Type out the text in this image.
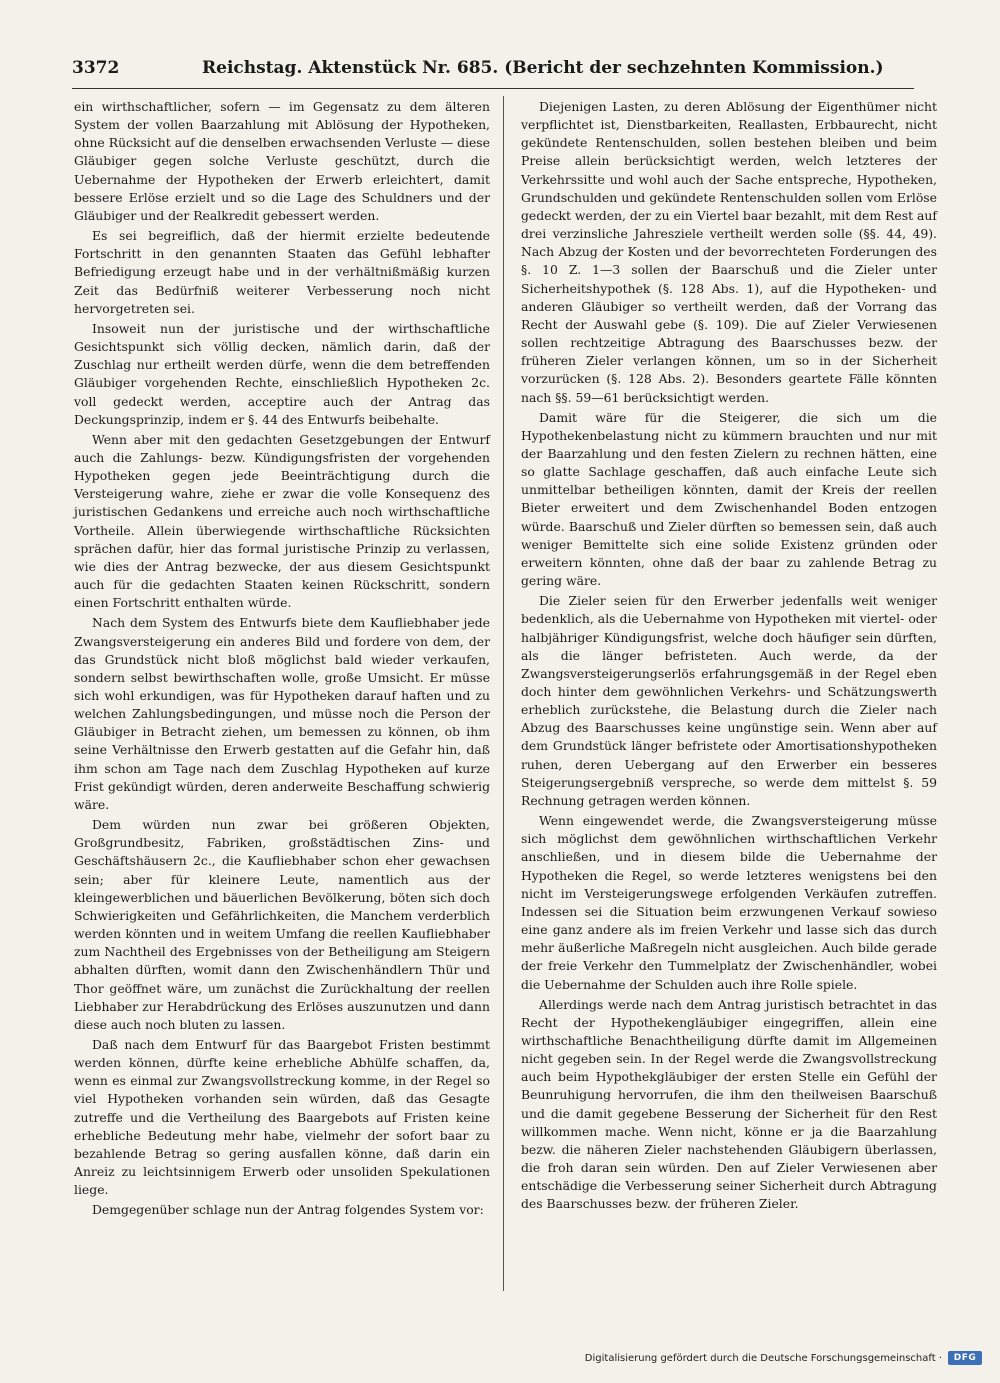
3372	Reichstag. Aktenstück Nr. 685. (Bericht der sechzehnten Kommission.)

ein wirthschaftlicher, sofern — im Gegensatz zu dem älteren System der vollen Baarzahlung mit Ablösung der Hypotheken, ohne Rücksicht auf die denselben erwachsenden Verluste — diese Gläubiger gegen solche Verluste geschützt, durch die Uebernahme der Hypotheken der Erwerb erleichtert, damit bessere Erlöse erzielt und so die Lage des Schuldners und der Gläubiger und der Realkredit gebessert werden.

Es sei begreiflich, daß der hiermit erzielte bedeutende Fortschritt in den genannten Staaten das Gefühl lebhafter Befriedigung erzeugt habe und in der verhältnißmäßig kurzen Zeit das Bedürfniß weiterer Verbesserung noch nicht hervorgetreten sei.

Insoweit nun der juristische und der wirthschaftliche Gesichtspunkt sich völlig decken, nämlich darin, daß der Zuschlag nur ertheilt werden dürfe, wenn die dem betreffenden Gläubiger vorgehenden Rechte, einschließlich Hypotheken 2c. voll gedeckt werden, acceptire auch der Antrag das Deckungsprinzip, indem er §. 44 des Entwurfs beibehalte.

Wenn aber mit den gedachten Gesetzgebungen der Entwurf auch die Zahlungs- bezw. Kündigungsfristen der vorgehenden Hypotheken gegen jede Beeinträchtigung durch die Versteigerung wahre, ziehe er zwar die volle Konsequenz des juristischen Gedankens und erreiche auch noch wirthschaftliche Vortheile. Allein überwiegende wirthschaftliche Rücksichten sprächen dafür, hier das formal juristische Prinzip zu verlassen, wie dies der Antrag bezwecke, der aus diesem Gesichtspunkt auch für die gedachten Staaten keinen Rückschritt, sondern einen Fortschritt enthalten würde.

Nach dem System des Entwurfs biete dem Kaufliebhaber jede Zwangsversteigerung ein anderes Bild und fordere von dem, der das Grundstück nicht bloß möglichst bald wieder verkaufen, sondern selbst bewirthschaften wolle, große Umsicht. Er müsse sich wohl erkundigen, was für Hypotheken darauf haften und zu welchen Zahlungsbedingungen, und müsse noch die Person der Gläubiger in Betracht ziehen, um bemessen zu können, ob ihm seine Verhältnisse den Erwerb gestatten auf die Gefahr hin, daß ihm schon am Tage nach dem Zuschlag Hypotheken auf kurze Frist gekündigt würden, deren anderweite Beschaffung schwierig wäre.

Dem würden nun zwar bei größeren Objekten, Großgrundbesitz, Fabriken, großstädtischen Zins- und Geschäftshäusern 2c., die Kaufliebhaber schon eher gewachsen sein; aber für kleinere Leute, namentlich aus der kleingewerblichen und bäuerlichen Bevölkerung, böten sich doch Schwierigkeiten und Gefährlichkeiten, die Manchem verderblich werden könnten und in weitem Umfang die reellen Kaufliebhaber zum Nachtheil des Ergebnisses von der Betheiligung am Steigern abhalten dürften, womit dann den Zwischenhändlern Thür und Thor geöffnet wäre, um zunächst die Zurückhaltung der reellen Liebhaber zur Herabdrückung des Erlöses auszunutzen und dann diese auch noch bluten zu lassen.

Daß nach dem Entwurf für das Baargebot Fristen bestimmt werden können, dürfte keine erhebliche Abhülfe schaffen, da, wenn es einmal zur Zwangsvollstreckung komme, in der Regel so viel Hypotheken vorhanden sein würden, daß das Gesagte zutreffe und die Vertheilung des Baargebots auf Fristen keine erhebliche Bedeutung mehr habe, vielmehr der sofort baar zu bezahlende Betrag so gering ausfallen könne, daß darin ein Anreiz zu leichtsinnigem Erwerb oder unsoliden Spekulationen liege.

Demgegenüber schlage nun der Antrag folgendes System vor:

Diejenigen Lasten, zu deren Ablösung der Eigenthümer nicht verpflichtet ist, Dienstbarkeiten, Reallasten, Erbbaurecht, nicht gekündete Rentenschulden, sollen bestehen bleiben und beim Preise allein berücksichtigt werden, welch letzteres der Verkehrssitte und wohl auch der Sache entspreche, Hypotheken, Grundschulden und gekündete Rentenschulden sollen vom Erlöse gedeckt werden, der zu ein Viertel baar bezahlt, mit dem Rest auf drei verzinsliche Jahresziele vertheilt werden solle (§§. 44, 49). Nach Abzug der Kosten und der bevorrechteten Forderungen des §. 10 Z. 1—3 sollen der Baarschuß und die Zieler unter Sicherheitshypothek (§. 128 Abs. 1), auf die Hypotheken- und anderen Gläubiger so vertheilt werden, daß der Vorrang das Recht der Auswahl gebe (§. 109). Die auf Zieler Verwiesenen sollen rechtzeitige Abtragung des Baarschusses bezw. der früheren Zieler verlangen können, um so in der Sicherheit vorzurücken (§. 128 Abs. 2). Besonders geartete Fälle könnten nach §§. 59—61 berücksichtigt werden.

Damit wäre für die Steigerer, die sich um die Hypothekenbelastung nicht zu kümmern brauchten und nur mit der Baarzahlung und den festen Zielern zu rechnen hätten, eine so glatte Sachlage geschaffen, daß auch einfache Leute sich unmittelbar betheiligen könnten, damit der Kreis der reellen Bieter erweitert und dem Zwischenhandel Boden entzogen würde. Baarschuß und Zieler dürften so bemessen sein, daß auch weniger Bemittelte sich eine solide Existenz gründen oder erweitern könnten, ohne daß der baar zu zahlende Betrag zu gering wäre.

Die Zieler seien für den Erwerber jedenfalls weit weniger bedenklich, als die Uebernahme von Hypotheken mit viertel- oder halbjähriger Kündigungsfrist, welche doch häufiger sein dürften, als die länger befristeten. Auch werde, da der Zwangsversteigerungserlös erfahrungsgemäß in der Regel eben doch hinter dem gewöhnlichen Verkehrs- und Schätzungswerth erheblich zurückstehe, die Belastung durch die Zieler nach Abzug des Baarschusses keine ungünstige sein. Wenn aber auf dem Grundstück länger befristete oder Amortisationshypotheken ruhen, deren Uebergang auf den Erwerber ein besseres Steigerungsergebniß verspreche, so werde dem mittelst §. 59 Rechnung getragen werden können.

Wenn eingewendet werde, die Zwangsversteigerung müsse sich möglichst dem gewöhnlichen wirthschaftlichen Verkehr anschließen, und in diesem bilde die Uebernahme der Hypotheken die Regel, so werde letzteres wenigstens bei den nicht im Versteigerungswege erfolgenden Verkäufen zutreffen. Indessen sei die Situation beim erzwungenen Verkauf sowieso eine ganz andere als im freien Verkehr und lasse sich das durch mehr äußerliche Maßregeln nicht ausgleichen. Auch bilde gerade der freie Verkehr den Tummelplatz der Zwischenhändler, wobei die Uebernahme der Schulden auch ihre Rolle spiele.

Allerdings werde nach dem Antrag juristisch betrachtet in das Recht der Hypothekengläubiger eingegriffen, allein eine wirthschaftliche Benachtheiligung dürfte damit im Allgemeinen nicht gegeben sein. In der Regel werde die Zwangsvollstreckung auch beim Hypothekgläubiger der ersten Stelle ein Gefühl der Beunruhigung hervorrufen, die ihm den theilweisen Baarschuß und die damit gegebene Besserung der Sicherheit für den Rest willkommen mache. Wenn nicht, könne er ja die Baarzahlung bezw. die näheren Zieler nachstehenden Gläubigern überlassen, die froh daran sein würden. Den auf Zieler Verwiesenen aber entschädige die Verbesserung seiner Sicherheit durch Abtragung des Baarschusses bezw. der früheren Zieler.

Digitalisierung gefördert durch die Deutsche Forschungsgemeinschaft ·	DFG
